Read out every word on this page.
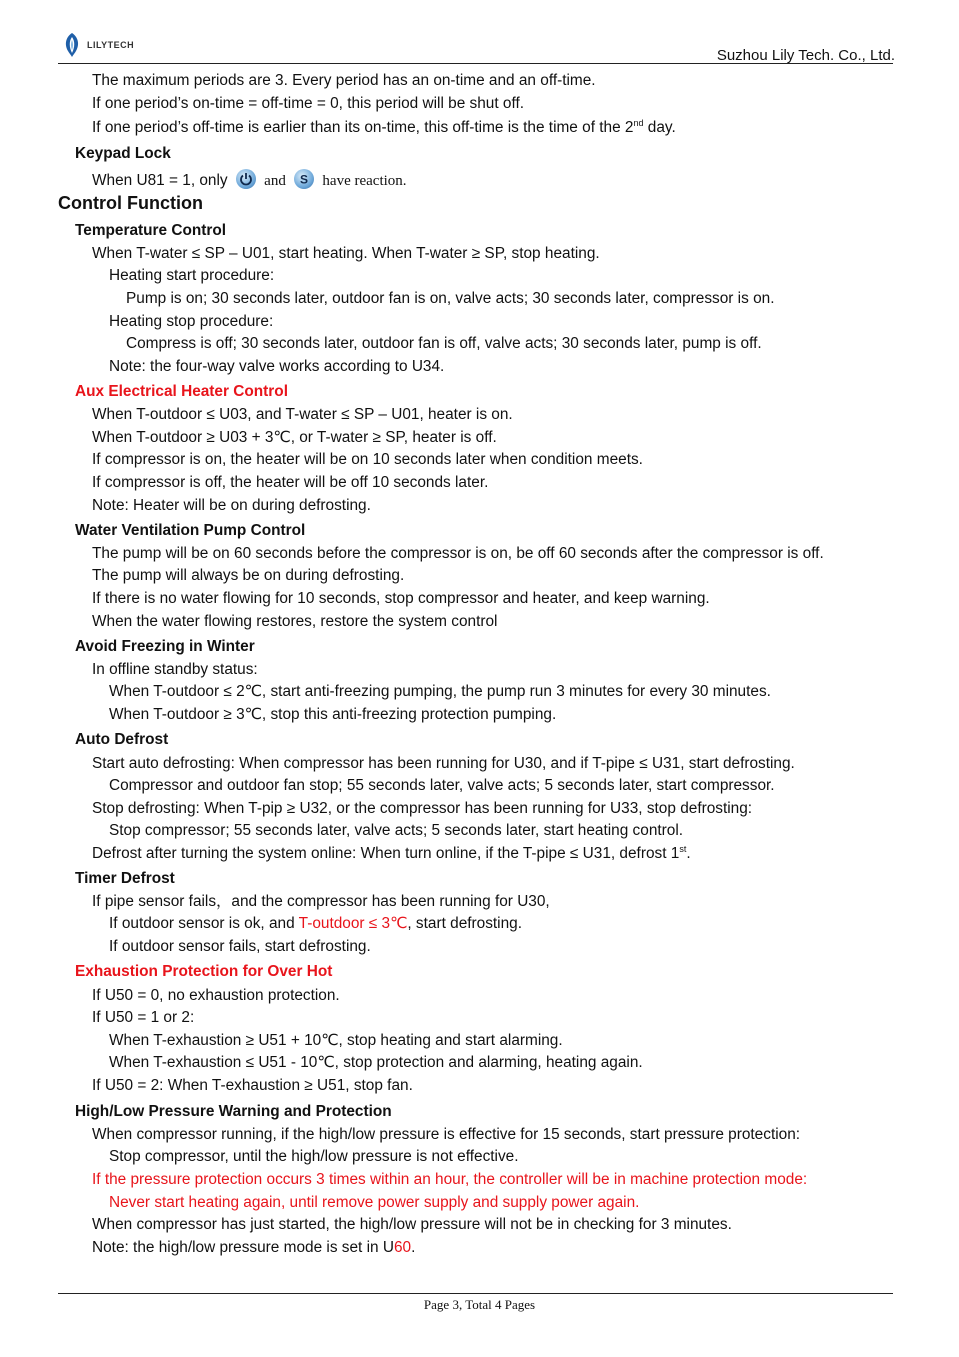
LILYTECH
Suzhou Lily Tech. Co., Ltd.
The maximum periods are 3. Every period has an on-time and an off-time.
If one period’s on-time = off-time = 0, this period will be shut off.
If one period’s off-time is earlier than its on-time, this off-time is the time of the 2nd day.
Keypad Lock
When U81 = 1, only and S have reaction.
Control Function
Temperature Control
When T-water ≤ SP – U01, start heating. When T-water ≥ SP, stop heating.
Heating start procedure:
Pump is on; 30 seconds later, outdoor fan is on, valve acts; 30 seconds later, compressor is on.
Heating stop procedure:
Compress is off; 30 seconds later, outdoor fan is off, valve acts; 30 seconds later, pump is off.
Note: the four-way valve works according to U34.
Aux Electrical Heater Control
When T-outdoor ≤ U03, and T-water ≤ SP – U01, heater is on.
When T-outdoor ≥ U03 + 3℃, or T-water ≥ SP, heater is off.
If compressor is on, the heater will be on 10 seconds later when condition meets.
If compressor is off, the heater will be off 10 seconds later.
Note: Heater will be on during defrosting.
Water Ventilation Pump Control
The pump will be on 60 seconds before the compressor is on, be off 60 seconds after the compressor is off.
The pump will always be on during defrosting.
If there is no water flowing for 10 seconds, stop compressor and heater, and keep warning.
When the water flowing restores, restore the system control
Avoid Freezing in Winter
In offline standby status:
When T-outdoor ≤ 2℃, start anti-freezing pumping, the pump run 3 minutes for every 30 minutes.
When T-outdoor ≥ 3℃, stop this anti-freezing protection pumping.
Auto Defrost
Start auto defrosting: When compressor has been running for U30, and if T-pipe ≤ U31, start defrosting.
Compressor and outdoor fan stop; 55 seconds later, valve acts; 5 seconds later, start compressor.
Stop defrosting: When T-pip ≥ U32, or the compressor has been running for U33, stop defrosting:
Stop compressor; 55 seconds later, valve acts; 5 seconds later, start heating control.
Defrost after turning the system online: When turn online, if the T-pipe ≤ U31, defrost 1st.
Timer Defrost
If pipe sensor fails，and the compressor has been running for U30,
If outdoor sensor is ok, and T-outdoor ≤ 3℃, start defrosting.
If outdoor sensor fails, start defrosting.
Exhaustion Protection for Over Hot
If U50 = 0, no exhaustion protection.
If U50 = 1 or 2:
When T-exhaustion ≥ U51 + 10℃, stop heating and start alarming.
When T-exhaustion ≤ U51 - 10℃, stop protection and alarming, heating again.
If U50 = 2: When T-exhaustion ≥ U51, stop fan.
High/Low Pressure Warning and Protection
When compressor running, if the high/low pressure is effective for 15 seconds, start pressure protection:
Stop compressor, until the high/low pressure is not effective.
If the pressure protection occurs 3 times within an hour, the controller will be in machine protection mode:
Never start heating again, until remove power supply and supply power again.
When compressor has just started, the high/low pressure will not be in checking for 3 minutes.
Note: the high/low pressure mode is set in U60.
Page 3, Total 4 Pages
